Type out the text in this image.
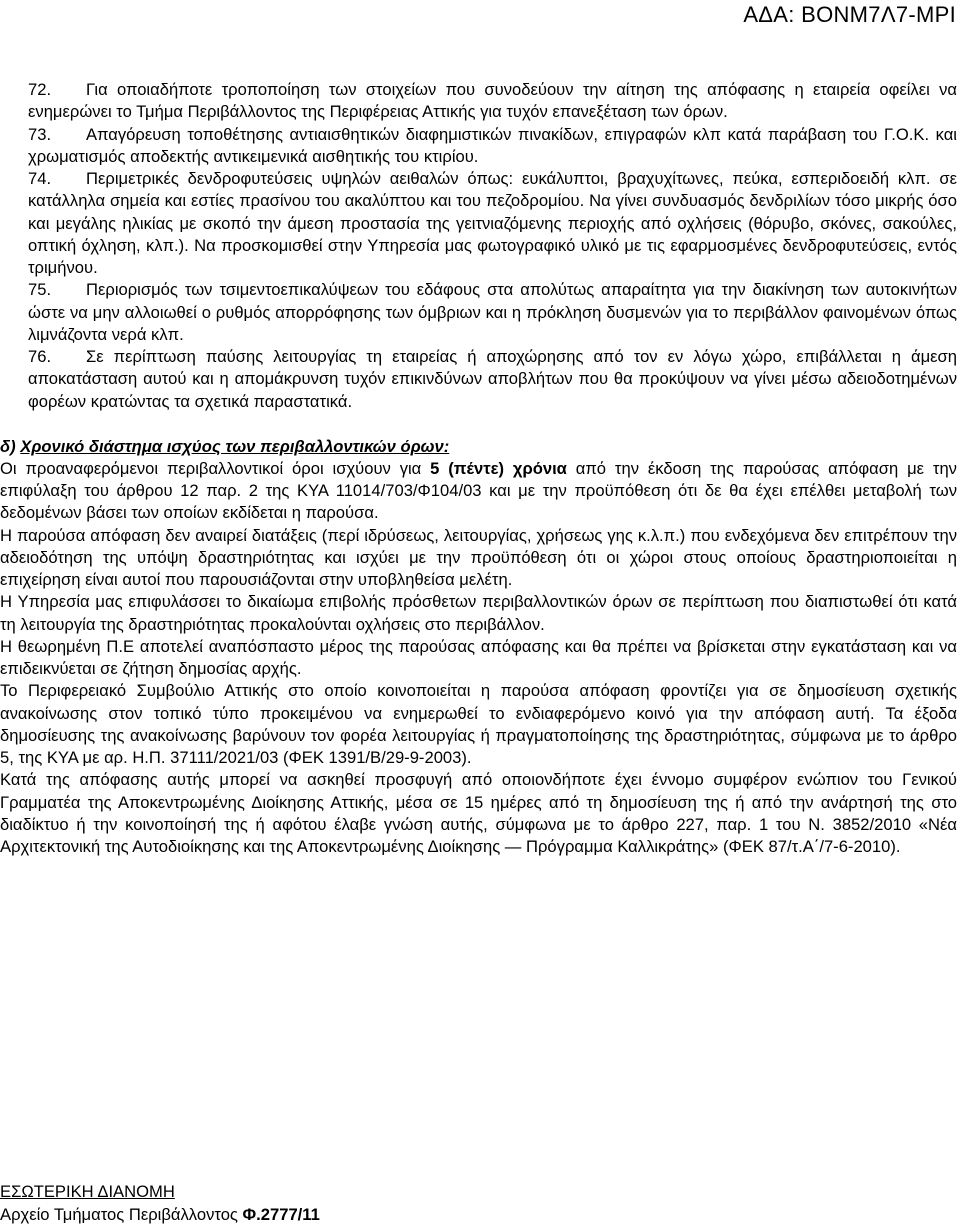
ΑΔΑ: ΒΟΝΜ7Λ7-ΜΡΙ

72. Για οποιαδήποτε τροποποίηση των στοιχείων που συνοδεύουν την αίτηση της απόφασης η εταιρεία οφείλει να ενημερώνει το Τμήμα Περιβάλλοντος της Περιφέρειας Αττικής για τυχόν επανεξέταση των όρων.

73. Απαγόρευση τοποθέτησης αντιαισθητικών διαφημιστικών πινακίδων, επιγραφών κλπ κατά παράβαση του Γ.Ο.Κ. και χρωματισμός αποδεκτής αντικειμενικά αισθητικής του κτιρίου.

74. Περιμετρικές δενδροφυτεύσεις υψηλών αειθαλών όπως: ευκάλυπτοι, βραχυχίτωνες, πεύκα, εσπεριδοειδή κλπ. σε κατάλληλα σημεία και εστίες πρασίνου του ακαλύπτου και του πεζοδρομίου. Να γίνει συνδυασμός δενδριλίων τόσο μικρής όσο και μεγάλης ηλικίας με σκοπό την άμεση προστασία της γειτνιαζόμενης περιοχής από οχλήσεις (θόρυβο, σκόνες, σακούλες, οπτική όχληση, κλπ.). Να προσκομισθεί στην Υπηρεσία μας φωτογραφικό υλικό με τις εφαρμοσμένες δενδροφυτεύσεις, εντός τριμήνου.

75. Περιορισμός των τσιμεντοεπικαλύψεων του εδάφους στα απολύτως απαραίτητα για την διακίνηση των αυτοκινήτων ώστε να μην αλλοιωθεί ο ρυθμός απορρόφησης των όμβριων και η πρόκληση δυσμενών για το περιβάλλον φαινομένων όπως λιμνάζοντα νερά κλπ.

76. Σε περίπτωση παύσης λειτουργίας τη εταιρείας ή αποχώρησης από τον εν λόγω χώρο, επιβάλλεται η άμεση αποκατάσταση αυτού και η απομάκρυνση τυχόν επικινδύνων αποβλήτων που θα προκύψουν να γίνει μέσω αδειοδοτημένων φορέων κρατώντας τα σχετικά παραστατικά.

δ) Χρονικό διάστημα ισχύος των περιβαλλοντικών όρων:

Οι προαναφερόμενοι περιβαλλοντικοί όροι ισχύουν για 5 (πέντε) χρόνια από την έκδοση της παρούσας απόφαση με την επιφύλαξη του άρθρου 12 παρ. 2 της ΚΥΑ 11014/703/Φ104/03 και με την προϋπόθεση ότι δε θα έχει επέλθει μεταβολή των δεδομένων βάσει των οποίων εκδίδεται η παρούσα.

Η παρούσα απόφαση δεν αναιρεί διατάξεις (περί ιδρύσεως, λειτουργίας, χρήσεως γης κ.λ.π.) που ενδεχόμενα δεν επιτρέπουν την αδειοδότηση της υπόψη δραστηριότητας και ισχύει με την προϋπόθεση ότι οι χώροι στους οποίους δραστηριοποιείται η επιχείρηση είναι αυτοί που παρουσιάζονται στην υποβληθείσα μελέτη.

Η Υπηρεσία μας επιφυλάσσει το δικαίωμα επιβολής πρόσθετων περιβαλλοντικών όρων σε περίπτωση που διαπιστωθεί ότι κατά τη λειτουργία της δραστηριότητας προκαλούνται οχλήσεις στο περιβάλλον.

Η θεωρημένη Π.Ε αποτελεί αναπόσπαστο μέρος της παρούσας απόφασης και θα πρέπει να βρίσκεται στην εγκατάσταση και να επιδεικνύεται σε ζήτηση δημοσίας αρχής.

Το Περιφερειακό Συμβούλιο Αττικής στο οποίο κοινοποιείται η παρούσα απόφαση φροντίζει για σε δημοσίευση σχετικής ανακοίνωσης στον τοπικό τύπο προκειμένου να ενημερωθεί το ενδιαφερόμενο κοινό για την απόφαση αυτή. Τα έξοδα δημοσίευσης της ανακοίνωσης βαρύνουν τον φορέα λειτουργίας ή πραγματοποίησης της δραστηριότητας, σύμφωνα με το άρθρο 5, της ΚΥΑ με αρ. Η.Π. 37111/2021/03 (ΦΕΚ 1391/Β/29-9-2003).

Κατά της απόφασης αυτής μπορεί να ασκηθεί προσφυγή από οποιονδήποτε έχει έννομο συμφέρον ενώπιον του Γενικού Γραμματέα της Αποκεντρωμένης Διοίκησης Αττικής, μέσα σε 15 ημέρες από τη δημοσίευση της ή από την ανάρτησή της στο διαδίκτυο ή την κοινοποίησή της ή αφότου έλαβε γνώση αυτής, σύμφωνα με το άρθρο 227, παρ. 1 του Ν. 3852/2010 «Νέα Αρχιτεκτονική της Αυτοδιοίκησης και της Αποκεντρωμένης Διοίκησης — Πρόγραμμα Καλλικράτης» (ΦΕΚ 87/τ.Α΄/7-6-2010).

ΕΣΩΤΕΡΙΚΗ ΔΙΑΝΟΜΗ

Αρχείο Τμήματος Περιβάλλοντος Φ.2777/11
